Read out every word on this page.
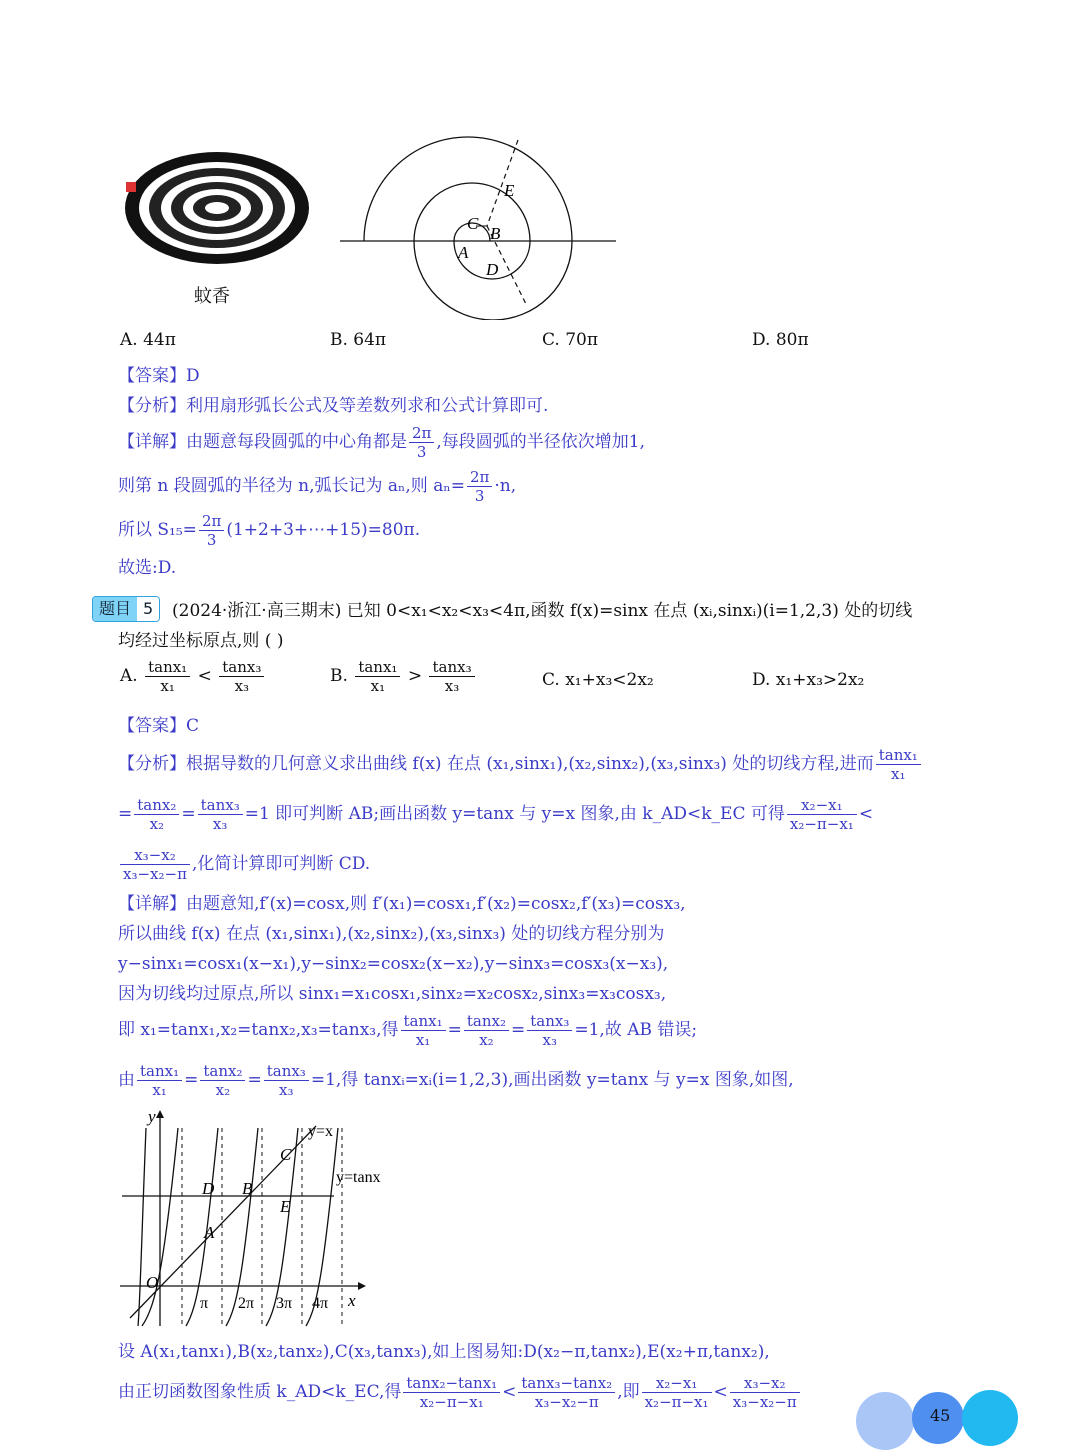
蚊香
E
C
B
A
D
A. 44π	B. 64π	C. 70π	D. 80π
【答案】D
【分析】利用扇形弧长公式及等差数列求和公式计算即可.
【详解】由题意每段圆弧的中心角都是 $\frac{2\pi}{3}$ ,每段圆弧的半径依次增加1,
则第 n 段圆弧的半径为 n,弧长记为 aₙ,则 $a_n= \frac{2\pi}{3} \cdot n$,
所以 $S_{15}= \frac{2\pi}{3}$ (1+2+3+⋯+15)=80π.
故选:D.
题目 5	(2024·浙江·高三期末) 已知 0<x₁<x₂<x₃<4π,函数 f(x)=sinx 在点 (xᵢ,sinxᵢ)(i=1,2,3) 处的切线
均经过坐标原点,则 ( )
A. $\frac{\text{tanx₁}}{\text{x₁}} < \frac{\text{tanx₃}}{\text{x₃}}$	B. $\frac{\text{tanx₁}}{\text{x₁}} > \frac{\text{tanx₃}}{\text{x₃}}$	C. x₁+x₃<2x₂	D. x₁+x₃>2x₂
【答案】C
【分析】根据导数的几何意义求出曲线 f(x) 在点 (x₁,sinx₁),(x₂,sinx₂),(x₃,sinx₃) 处的切线方程,进而 $\frac{\text{tanx₁}}{\text{x₁}}$
= $\frac{\text{tanx₂}}{\text{x₂}} = \frac{\text{tanx₃}}{\text{x₃}} =1$ 即可判断 AB;画出函数 y=tanx 与 y=x 图象,由 k_AD<k_EC 可得 $\frac{\text{x₂−x₁}}{\text{x₂−π−x₁}}$ <
$\frac{\text{x₃−x₂}}{\text{x₃−x₂−π}}$ ,化简计算即可判断 CD.
【详解】由题意知,f′(x)=cosx,则 f′(x₁)=cosx₁,f′(x₂)=cosx₂,f′(x₃)=cosx₃,
所以曲线 f(x) 在点 (x₁,sinx₁),(x₂,sinx₂),(x₃,sinx₃) 处的切线方程分别为
y−sinx₁=cosx₁(x−x₁),y−sinx₂=cosx₂(x−x₂),y−sinx₃=cosx₃(x−x₃),
因为切线均过原点,所以 sinx₁=x₁cosx₁,sinx₂=x₂cosx₂,sinx₃=x₃cosx₃,
即 x₁=tanx₁,x₂=tanx₂,x₃=tanx₃,得 $\frac{\text{tanx₁}}{\text{x₁}} = \frac{\text{tanx₂}}{\text{x₂}} = \frac{\text{tanx₃}}{\text{x₃}} =1$,故 AB 错误;
由 $\frac{\text{tanx₁}}{\text{x₁}} = \frac{\text{tanx₂}}{\text{x₂}} = \frac{\text{tanx₃}}{\text{x₃}} =1$,得 tanxᵢ=xᵢ(i=1,2,3),画出函数 y=tanx 与 y=x 图象,如图,
y
x
O
y=x
y=tanx
A
B
C
D
E
π 2π 3π 4π
设 A(x₁,tanx₁),B(x₂,tanx₂),C(x₃,tanx₃),如上图易知:D(x₂−π,tanx₂),E(x₂+π,tanx₂),
由正切函数图象性质 k_AD<k_EC,得 $\frac{\text{tanx₂−tanx₁}}{\text{x₂−π−x₁}} < \frac{\text{tanx₃−tanx₂}}{\text{x₃−x₂−π}}$ ,即 $\frac{\text{x₂−x₁}}{\text{x₂−π−x₁}} < \frac{\text{x₃−x₂}}{\text{x₃−x₂−π}}$
45
